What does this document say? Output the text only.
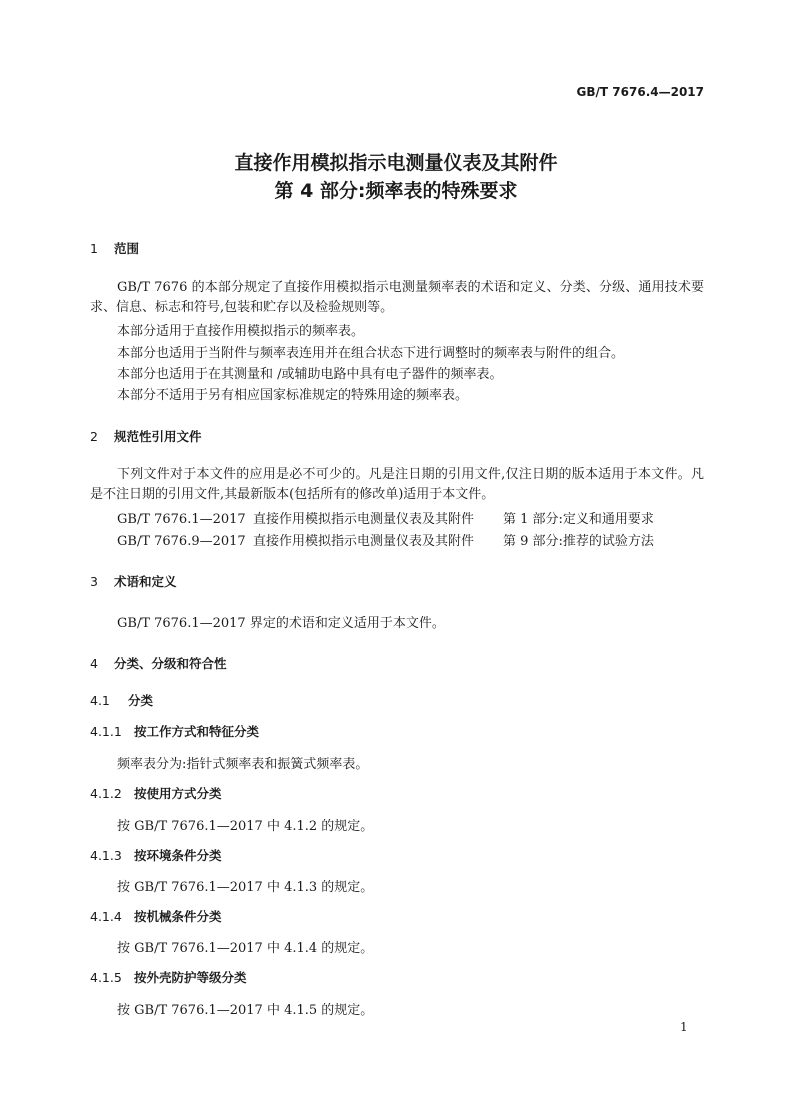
GB/T 7676.4—2017
直接作用模拟指示电测量仪表及其附件
第 4 部分:频率表的特殊要求
1 范围
GB/T 7676 的本部分规定了直接作用模拟指示电测量频率表的术语和定义、分类、分级、通用技术要求、信息、标志和符号,包装和贮存以及检验规则等。
本部分适用于直接作用模拟指示的频率表。
本部分也适用于当附件与频率表连用并在组合状态下进行调整时的频率表与附件的组合。
本部分也适用于在其测量和 /或辅助电路中具有电子器件的频率表。
本部分不适用于另有相应国家标准规定的特殊用途的频率表。
2 规范性引用文件
下列文件对于本文件的应用是必不可少的。凡是注日期的引用文件,仅注日期的版本适用于本文件。凡是不注日期的引用文件,其最新版本(包括所有的修改单)适用于本文件。
GB/T 7676.1—2017 直接作用模拟指示电测量仪表及其附件 第 1 部分:定义和通用要求
GB/T 7676.9—2017 直接作用模拟指示电测量仪表及其附件 第 9 部分:推荐的试验方法
3 术语和定义
GB/T 7676.1—2017 界定的术语和定义适用于本文件。
4 分类、分级和符合性
4.1 分类
4.1.1 按工作方式和特征分类
频率表分为:指针式频率表和振簧式频率表。
4.1.2 按使用方式分类
按 GB/T 7676.1—2017 中 4.1.2 的规定。
4.1.3 按环境条件分类
按 GB/T 7676.1—2017 中 4.1.3 的规定。
4.1.4 按机械条件分类
按 GB/T 7676.1—2017 中 4.1.4 的规定。
4.1.5 按外壳防护等级分类
按 GB/T 7676.1—2017 中 4.1.5 的规定。
1
